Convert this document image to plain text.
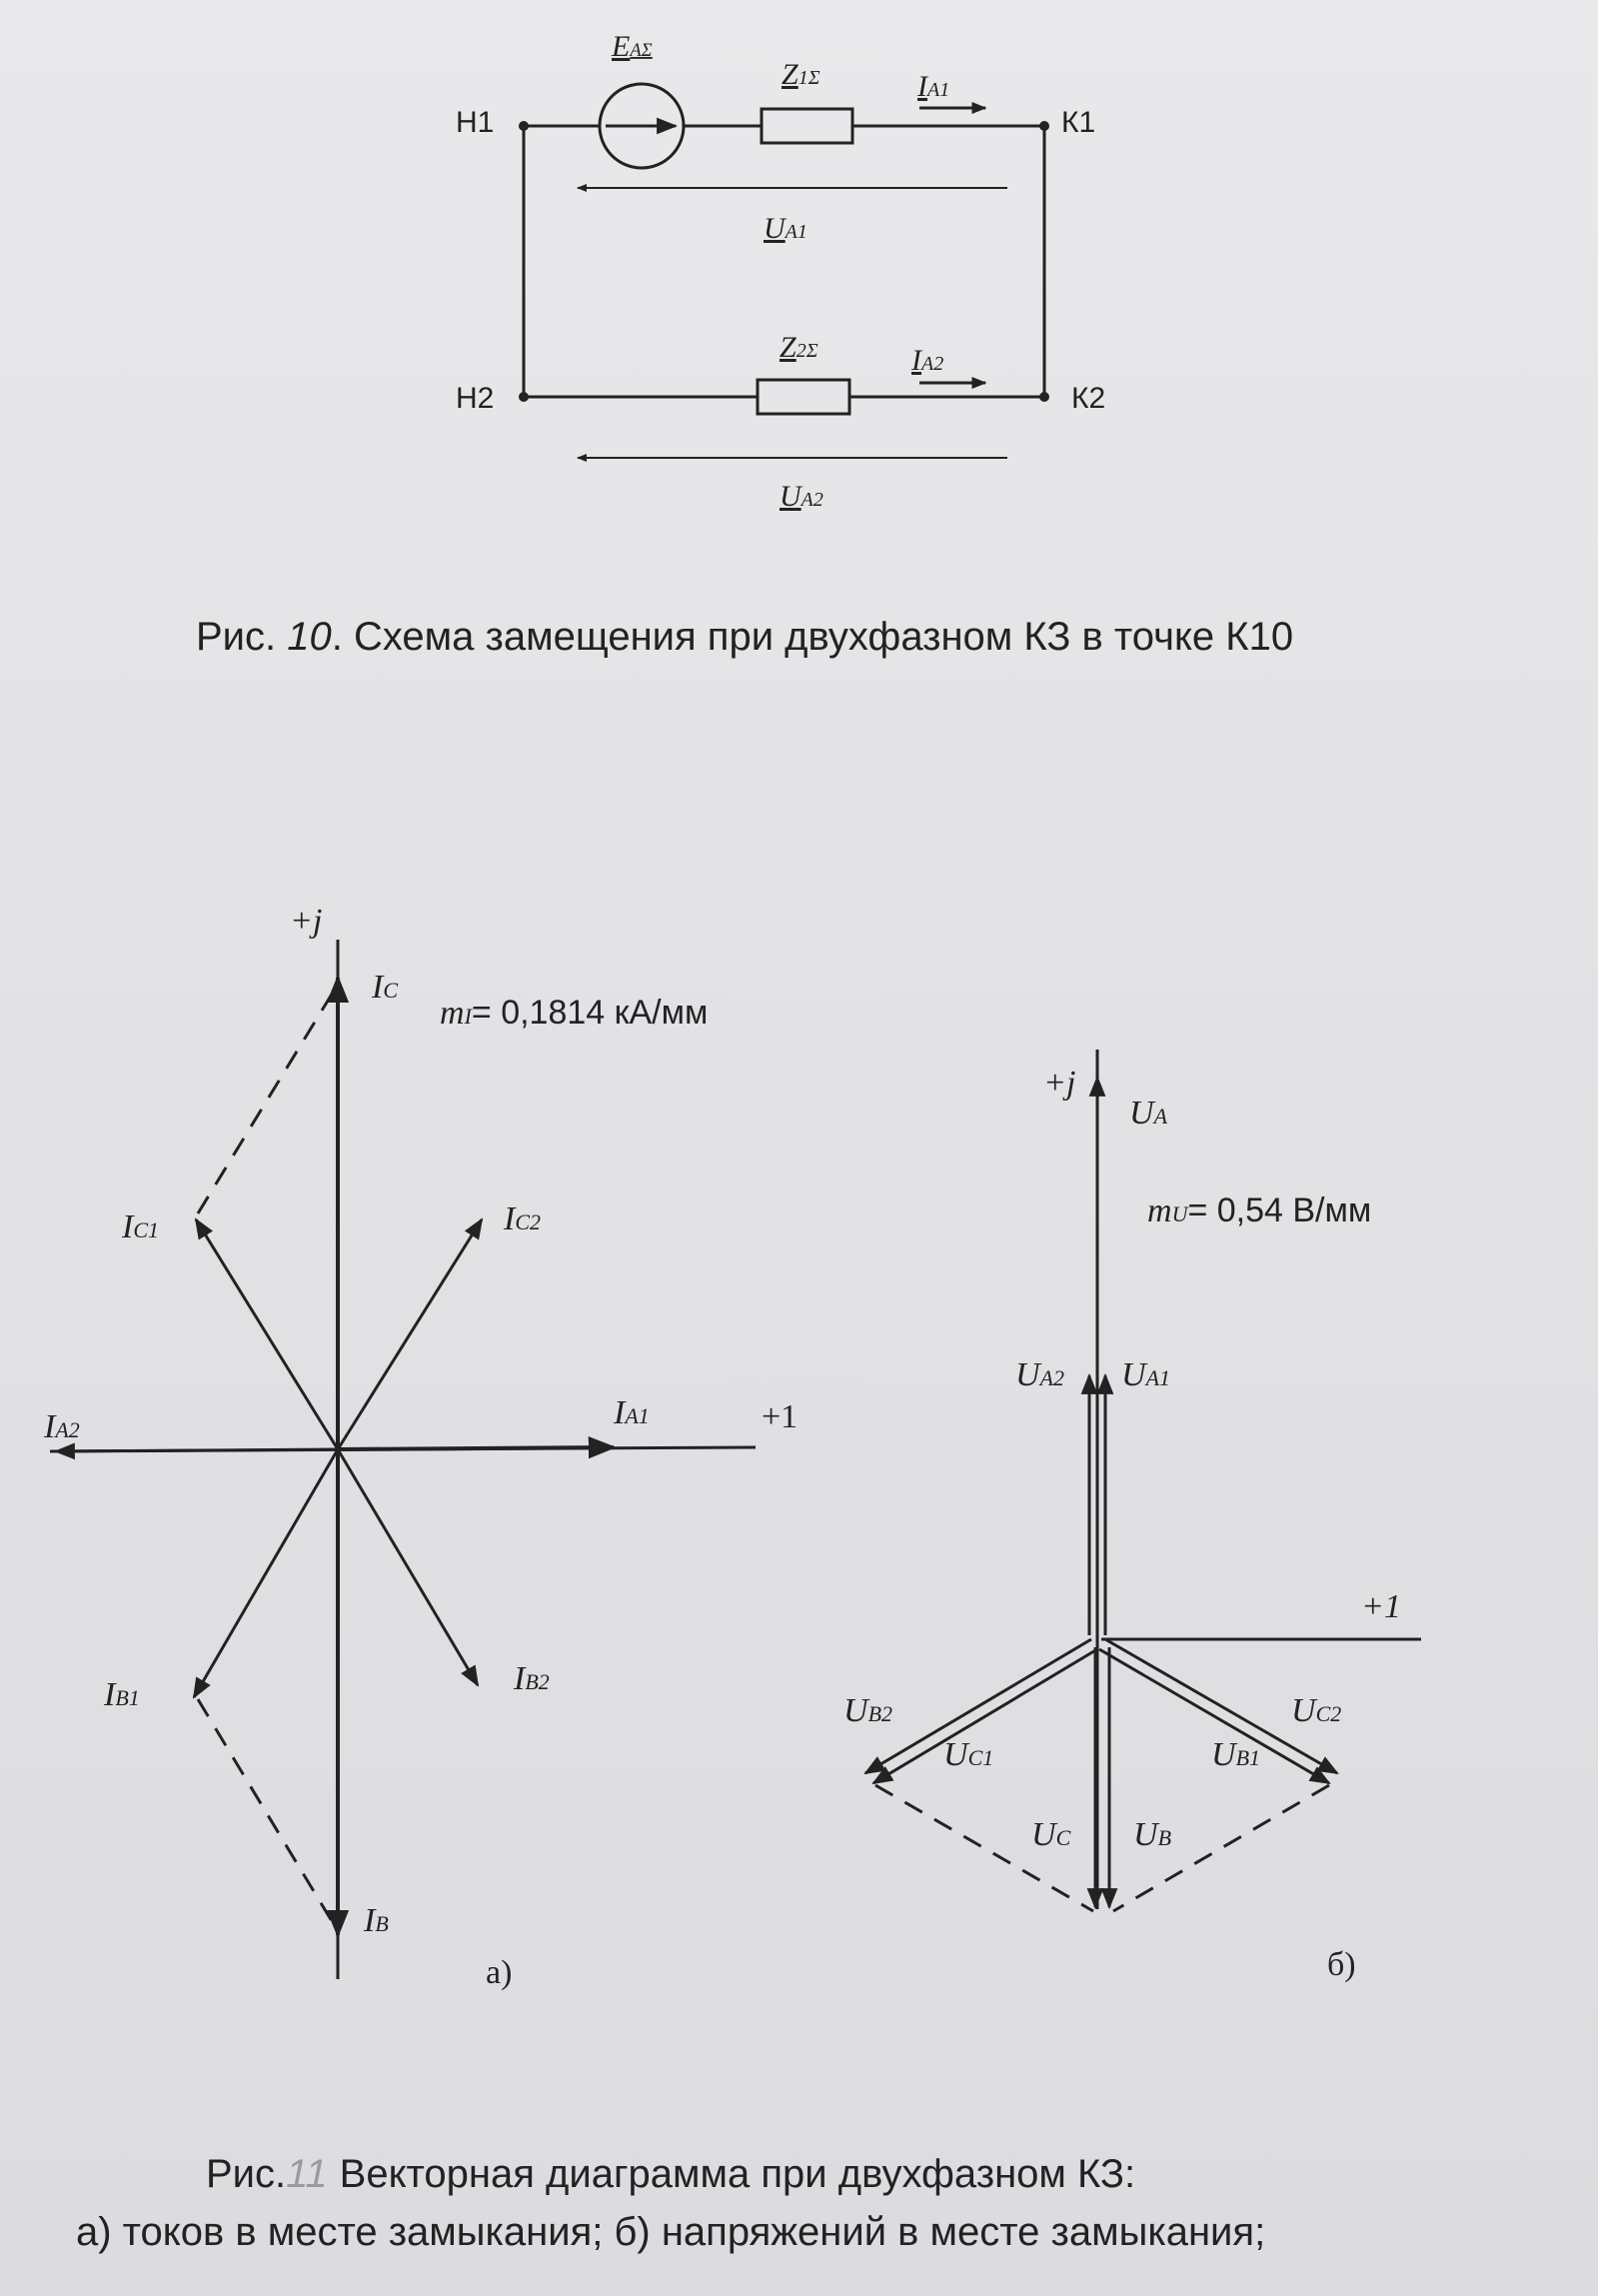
Н1	К1
Н2	К2
EAΣ
Z1Σ
Z2Σ
IA1
IA2
UA1
UA2
Рис. 10. Схема замещения при двухфазном КЗ в точке К10
+j
+1
mI= 0,1814 кА/мм
IC
IC1	IC2
IA1
IA2
IB1
IB2
IB
а)
+j
+1
UA
mU= 0,54 В/мм
UA2 UA1
UB2
UC1
UC2
UB1
UC UB
б)
Рис.11 Векторная диаграмма при двухфазном КЗ:
а) токов в месте замыкания; б) напряжений в месте замыкания;
